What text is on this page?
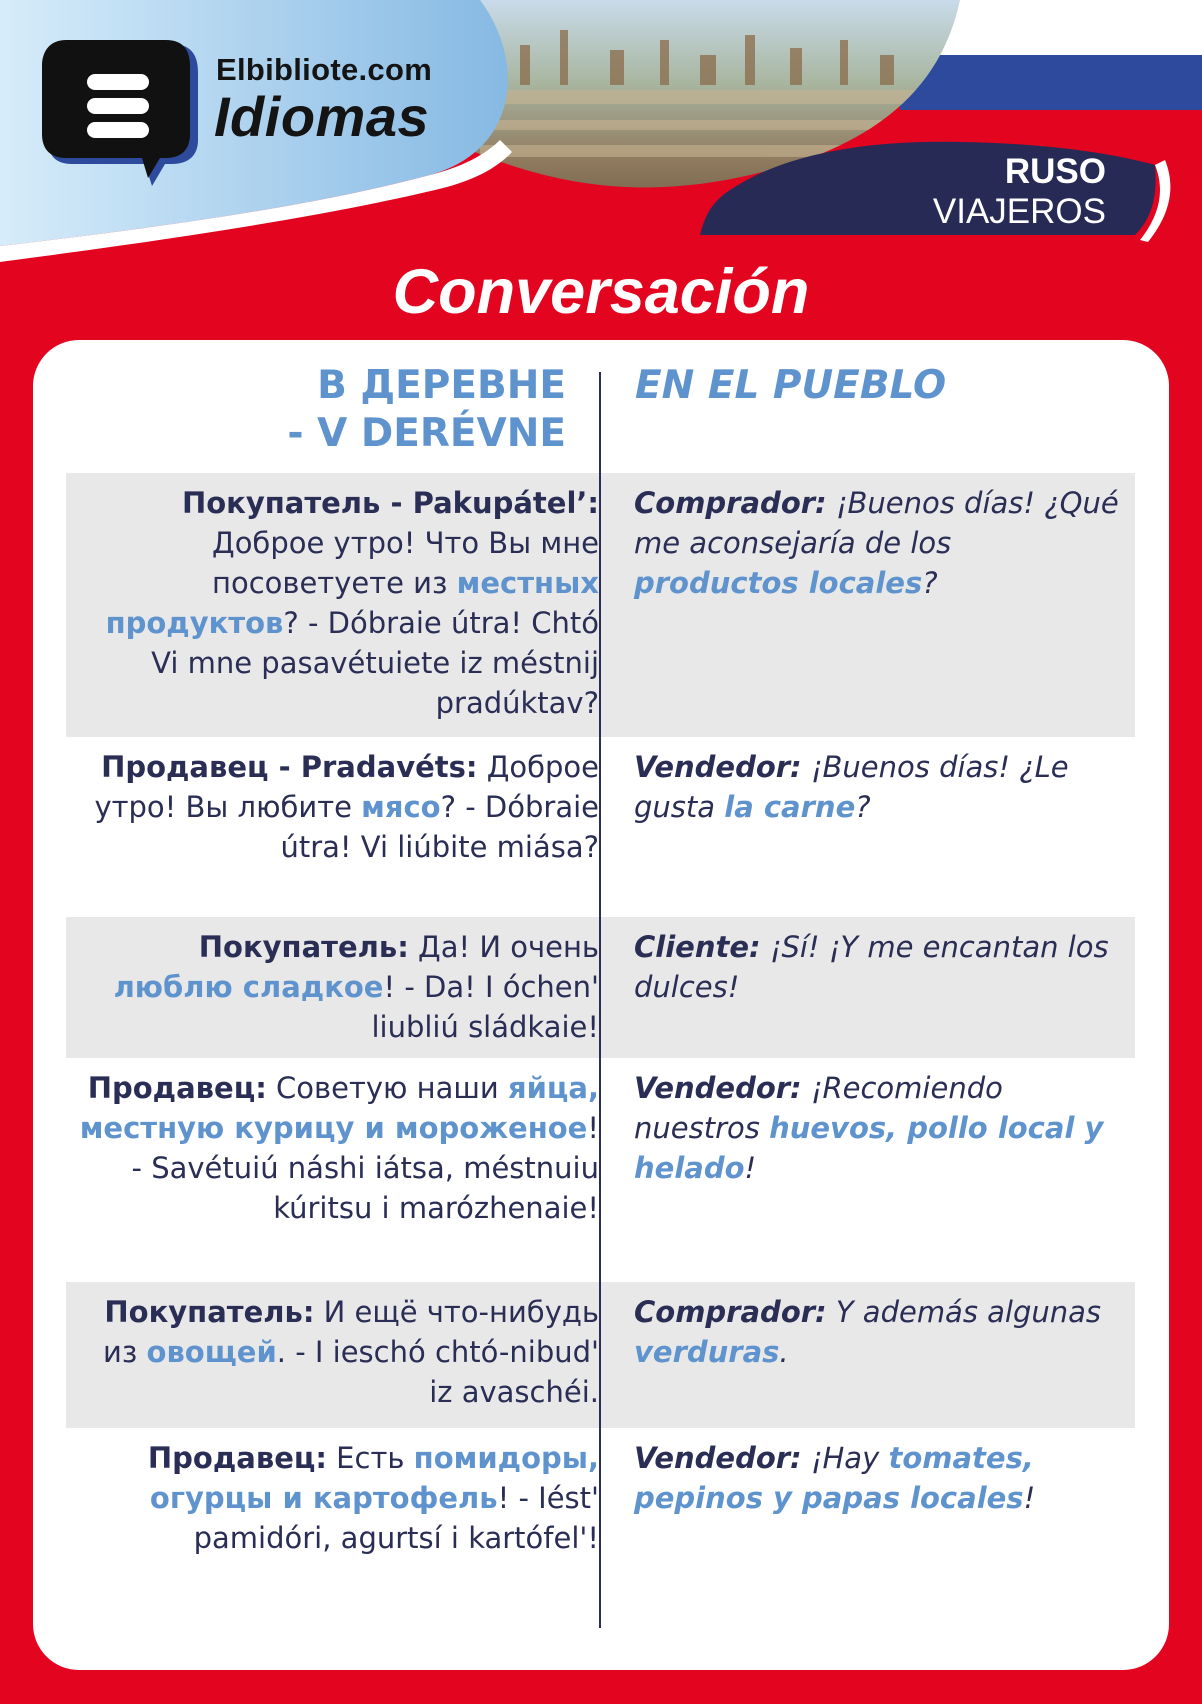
Elbibliote.com
Idiomas
RUSO
VIAJEROS
Conversación
В ДЕРЕВНЕ
- V DERÉVNE
EN EL PUEBLO
Покупатель - Pakupátel’: Доброе утро! Что Вы мне посоветуете из местных продуктов? - Dóbraie útra! Chtó Vi mne pasavétuiete iz méstnij pradúktav?
Comprador: ¡Buenos días! ¿Qué me aconsejaría de los productos locales?
Продавец - Pradavéts: Доброе утро! Вы любите мясо? - Dóbraie útra! Vi liúbite miása?
Vendedor: ¡Buenos días! ¿Le gusta la carne?
Покупатель: Да! И очень люблю сладкое! - Da! I óchen' liubliú sládkaie!
Cliente: ¡Sí! ¡Y me encantan los dulces!
Продавец: Советую наши яйца, местную курицу и мороженое! - Savétuiú náshi iátsa, méstnuiu kúritsu i marózhenaie!
Vendedor: ¡Recomiendo nuestros huevos, pollo local y helado!
Покупатель: И ещё что-нибудь из овощей. - I ieschó chtó-nibud' iz avaschéi.
Comprador: Y además algunas verduras.
Продавец: Есть помидоры, огурцы и картофель! - Iést' pamidóri, agurtsí i kartófel'!
Vendedor: ¡Hay tomates, pepinos y papas locales!
